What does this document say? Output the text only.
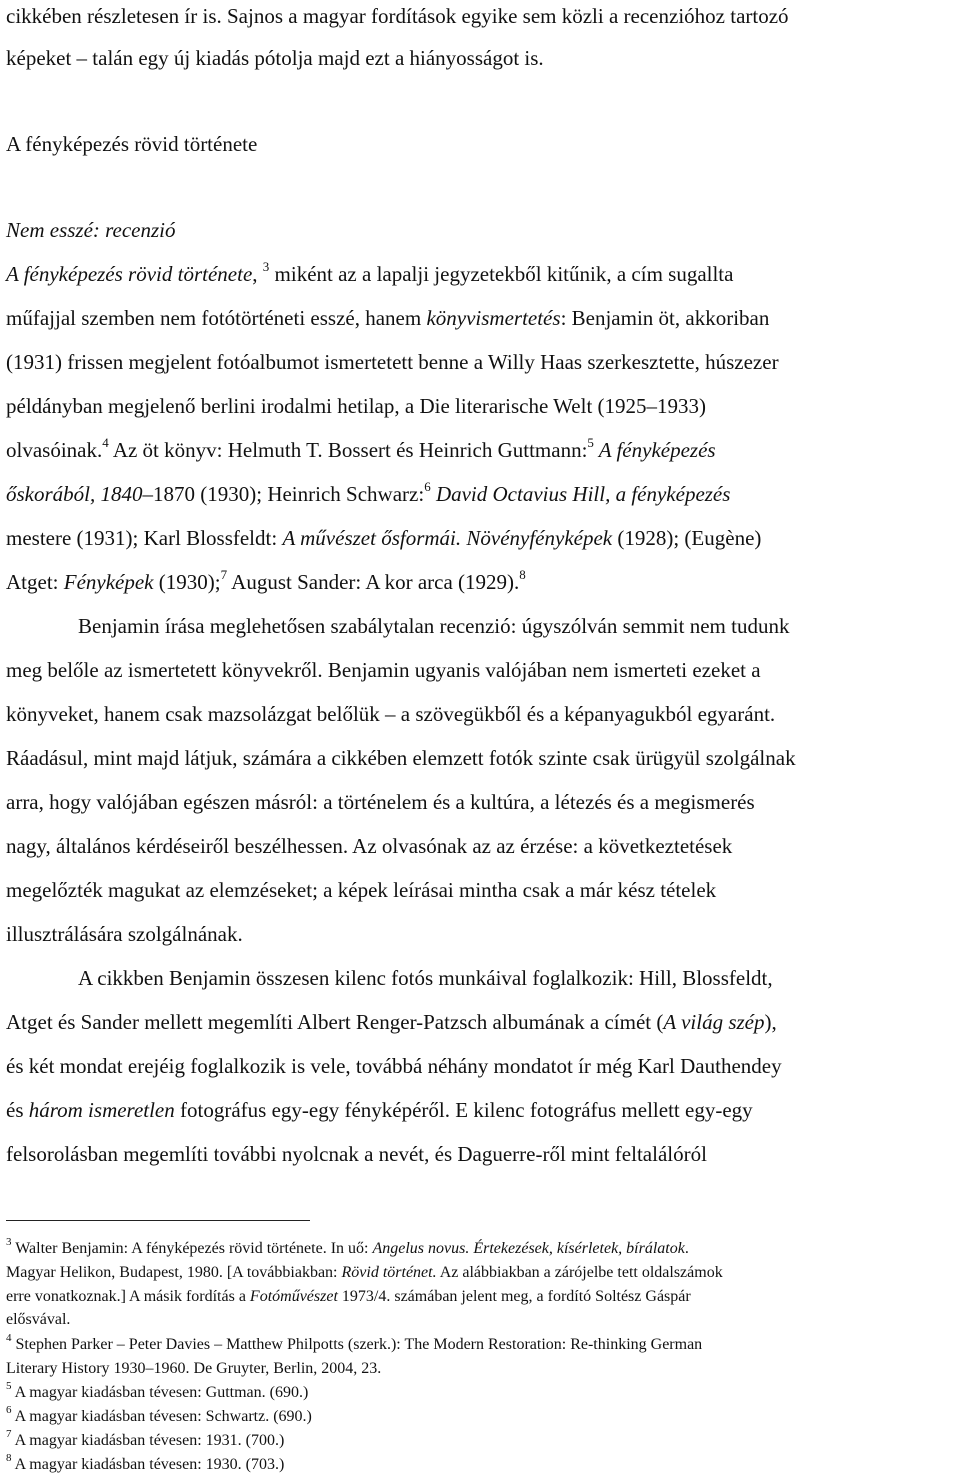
cikkében részletesen ír is. Sajnos a magyar fordítások egyike sem közli a recenzióhoz tartozó
képeket – talán egy új kiadás pótolja majd ezt a hiányosságot is.
A fényképezés rövid története
Nem esszé: recenzió
A fényképezés rövid története, $^3$ miként az a lapalji jegyzetekből kitűnik, a cím sugallta
műfajjal szemben nem fotótörténeti esszé, hanem könyvismertetés: Benjamin öt, akkoriban
(1931) frissen megjelent fotóalbumot ismertetett benne a Willy Haas szerkesztette, húszezer
példányban megjelenő berlini irodalmi hetilap, a Die literarische Welt (1925–1933)
olvasóinak.$^4$ Az öt könyv: Helmuth T. Bossert és Heinrich Guttmann:$^5$ A fényképezés
őskorából, 1840–1870 (1930); Heinrich Schwarz:$^6$ David Octavius Hill, a fényképezés
mestere (1931); Karl Blossfeldt: A művészet ősformái. Növényfényképek (1928); (Eugène)
Atget: Fényképek (1930);$^7$ August Sander: A kor arca (1929).$^8$
Benjamin írása meglehetősen szabálytalan recenzió: úgyszólván semmit nem tudunk
meg belőle az ismertetett könyvekről. Benjamin ugyanis valójában nem ismerteti ezeket a
könyveket, hanem csak mazsolázgat belőlük – a szövegükből és a képanyagukból egyaránt.
Ráadásul, mint majd látjuk, számára a cikkében elemzett fotók szinte csak ürügyül szolgálnak
arra, hogy valójában egészen másról: a történelem és a kultúra, a létezés és a megismerés
nagy, általános kérdéseiről beszélhessen. Az olvasónak az az érzése: a következtetések
megelőzték magukat az elemzéseket; a képek leírásai mintha csak a már kész tételek
illusztrálására szolgálnának.
A cikkben Benjamin összesen kilenc fotós munkáival foglalkozik: Hill, Blossfeldt,
Atget és Sander mellett megemlíti Albert Renger-Patzsch albumának a címét (A világ szép),
és két mondat erejéig foglalkozik is vele, továbbá néhány mondatot ír még Karl Dauthendey
és három ismeretlen fotográfus egy-egy fényképéről. E kilenc fotográfus mellett egy-egy
felsorolásban megemlíti további nyolcnak a nevét, és Daguerre-ről mint feltalálóról
$^3$ Walter Benjamin: A fényképezés rövid története. In uő: Angelus novus. Értekezések, kísérletek, bírálatok.
Magyar Helikon, Budapest, 1980. [A továbbiakban: Rövid történet. Az alábbiakban a zárójelbe tett oldalszámok
erre vonatkoznak.] A másik fordítás a Fotóművészet 1973/4. számában jelent meg, a fordító Soltész Gáspár
elősvával.
$^4$ Stephen Parker – Peter Davies – Matthew Philpotts (szerk.): The Modern Restoration: Re-thinking German
Literary History 1930–1960. De Gruyter, Berlin, 2004, 23.
$^5$ A magyar kiadásban tévesen: Guttman. (690.)
$^6$ A magyar kiadásban tévesen: Schwartz. (690.)
$^7$ A magyar kiadásban tévesen: 1931. (700.)
$^8$ A magyar kiadásban tévesen: 1930. (703.)
